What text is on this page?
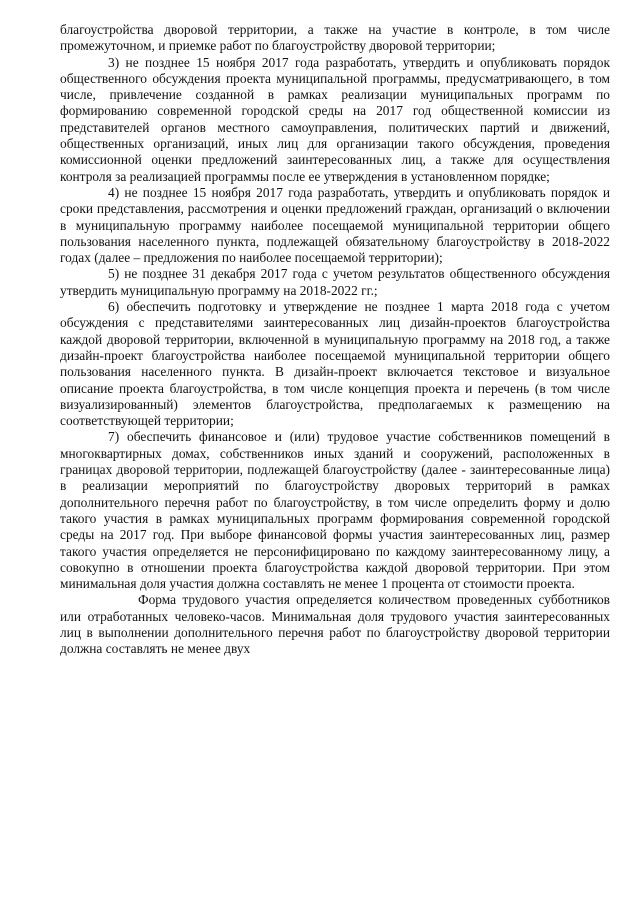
благоустройства дворовой территории, а также на участие в контроле, в том числе промежуточном, и приемке работ по благоустройству дворовой территории;

3) не позднее 15 ноября 2017 года разработать, утвердить и опубликовать порядок общественного обсуждения проекта муниципальной программы, предусматривающего, в том числе, привлечение созданной в рамках реализации муниципальных программ по формированию современной городской среды на 2017 год общественной комиссии из представителей органов местного самоуправления, политических партий и движений, общественных организаций, иных лиц для организации такого обсуждения, проведения комиссионной оценки предложений заинтересованных лиц, а также для осуществления контроля за реализацией программы после ее утверждения в установленном порядке;

4) не позднее 15 ноября 2017 года разработать, утвердить и опубликовать порядок и сроки представления, рассмотрения и оценки предложений граждан, организаций о включении в муниципальную программу наиболее посещаемой муниципальной территории общего пользования населенного пункта, подлежащей обязательному благоустройству в 2018-2022 годах (далее – предложения по наиболее посещаемой территории);

5) не позднее 31 декабря 2017 года с учетом результатов общественного обсуждения утвердить муниципальную программу на 2018-2022 гг.;

6) обеспечить подготовку и утверждение не позднее 1 марта 2018 года с учетом обсуждения с представителями заинтересованных лиц дизайн-проектов благоустройства каждой дворовой территории, включенной в муниципальную программу на 2018 год, а также дизайн-проект благоустройства наиболее посещаемой муниципальной территории общего пользования населенного пункта. В дизайн-проект включается текстовое и визуальное описание проекта благоустройства, в том числе концепция проекта и перечень (в том числе визуализированный) элементов благоустройства, предполагаемых к размещению на соответствующей территории;

7) обеспечить финансовое и (или) трудовое участие собственников помещений в многоквартирных домах, собственников иных зданий и сооружений, расположенных в границах дворовой территории, подлежащей благоустройству (далее - заинтересованные лица) в реализации мероприятий по благоустройству дворовых территорий в рамках дополнительного перечня работ по благоустройству, в том числе определить форму и долю такого участия в рамках муниципальных программ формирования современной городской среды на 2017 год. При выборе финансовой формы участия заинтересованных лиц, размер такого участия определяется не персонифицировано по каждому заинтересованному лицу, а совокупно в отношении проекта благоустройства каждой дворовой территории. При этом минимальная доля участия должна составлять не менее 1 процента от стоимости проекта.

Форма трудового участия определяется количеством проведенных субботников или отработанных человеко-часов. Минимальная доля трудового участия заинтересованных лиц в выполнении дополнительного перечня работ по благоустройству дворовой территории должна составлять не менее двух
